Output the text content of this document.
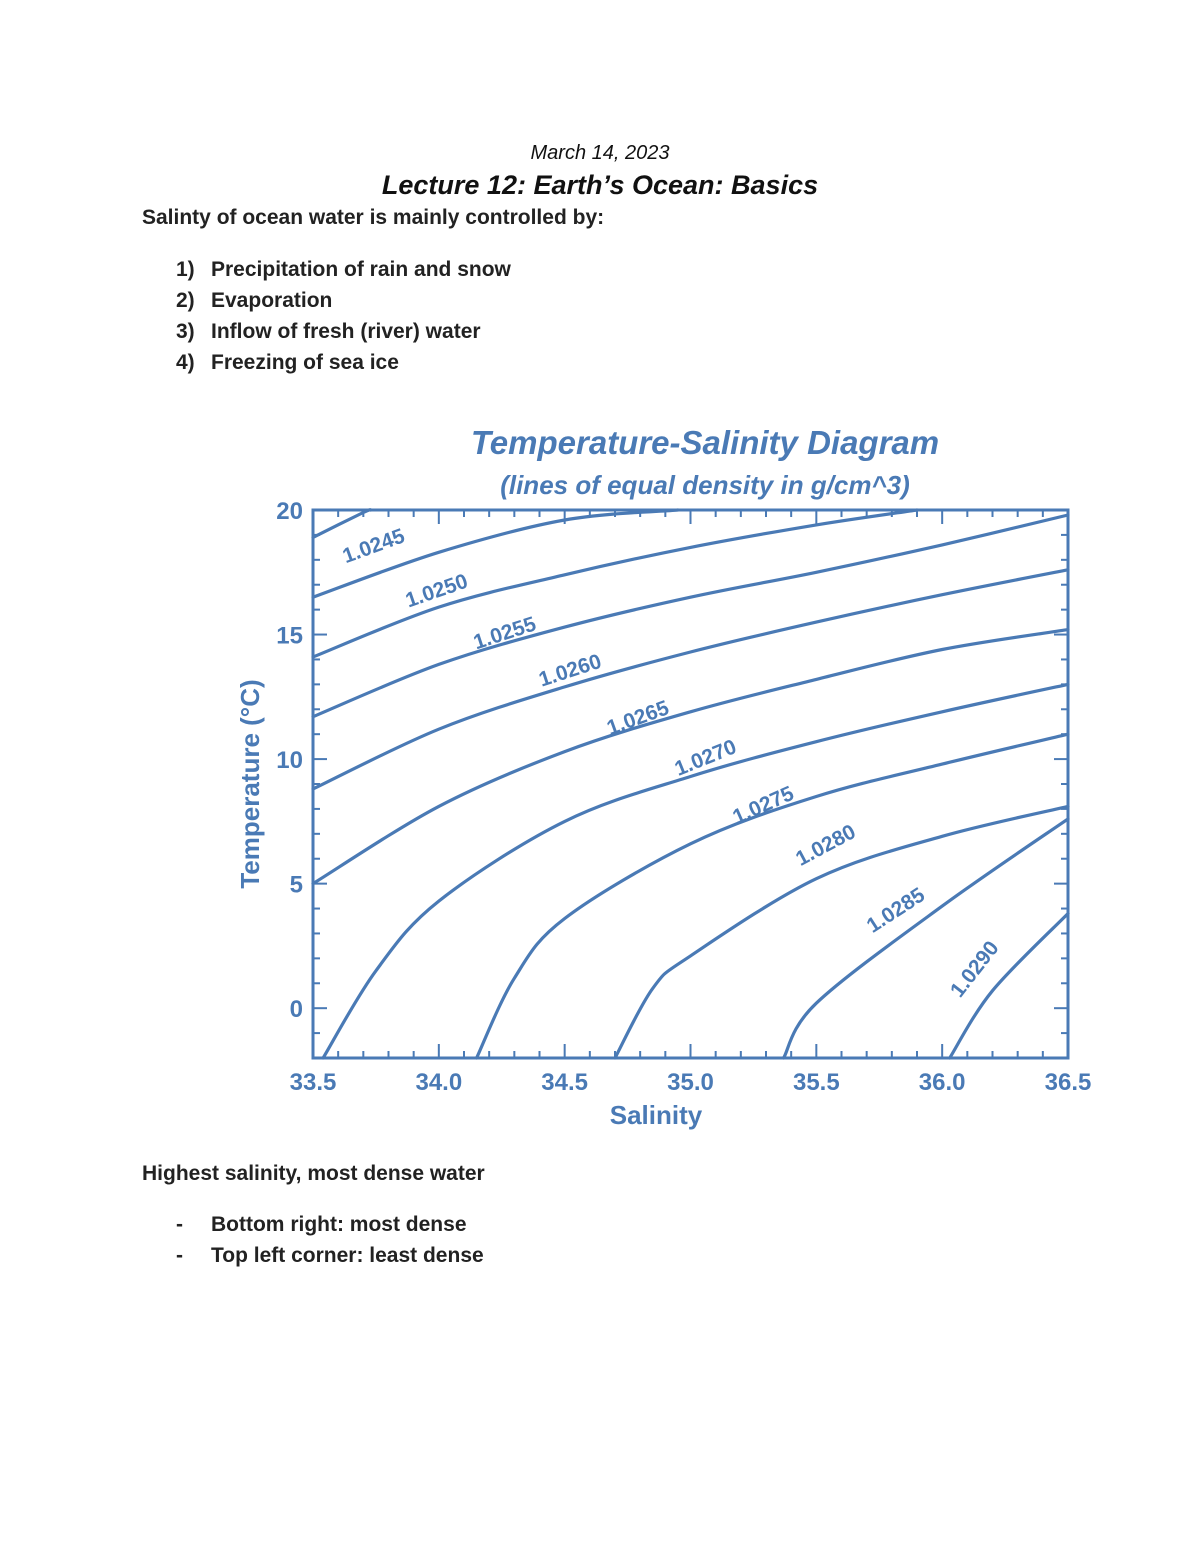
March 14, 2023
Lecture 12: Earth’s Ocean: Basics
Salinty of ocean water is mainly controlled by:
1) Precipitation of rain and snow
2) Evaporation
3) Inflow of fresh (river) water
4) Freezing of sea ice
Temperature-Salinity Diagram
(lines of equal density in g/cm^3)
1.0245
1.0250
1.0255
1.0260
1.0265
1.0270
1.0275
1.0280
1.0285
1.0290
33.5	34.0	34.5	35.0	35.5	36.0	36.5
0
5
10
15
20
Salinity
Temperature (°C)
Highest salinity, most dense water
-	Bottom right: most dense
-	Top left corner: least dense
